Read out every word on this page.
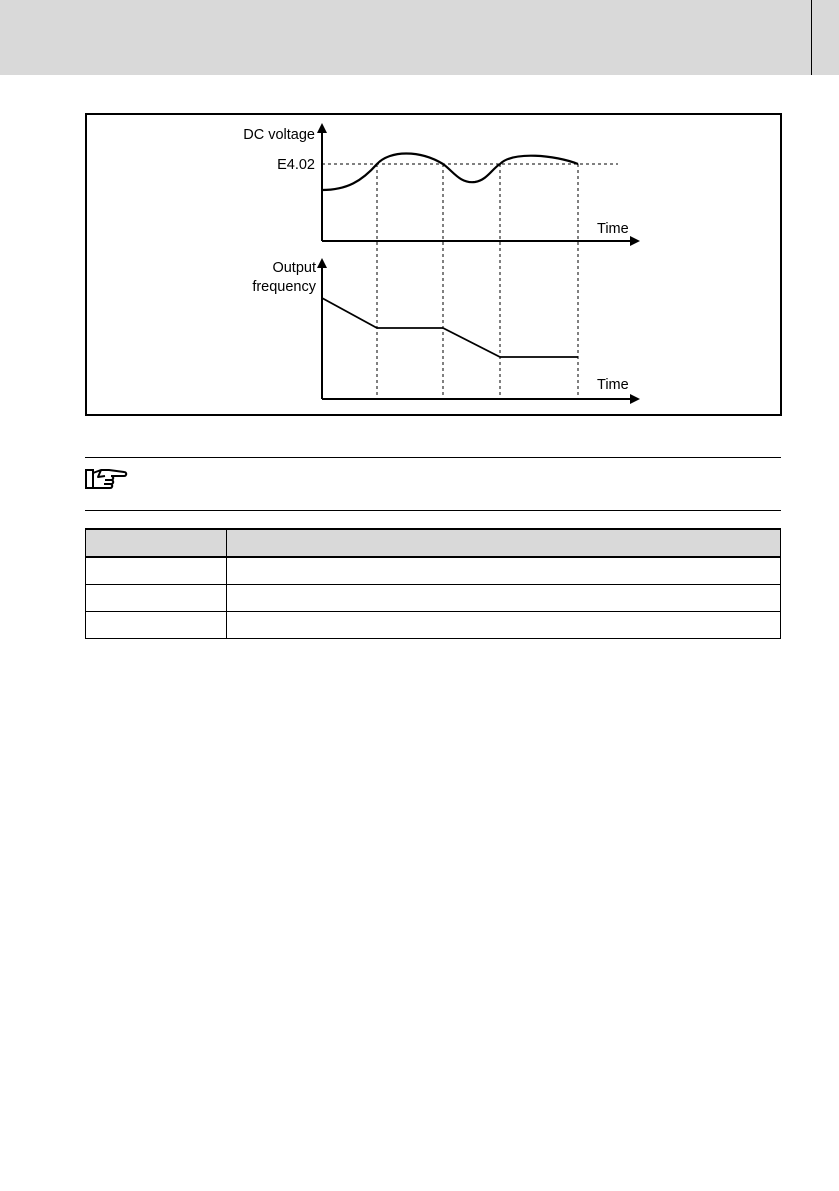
DC voltage
E4.02
Time
Output
frequency
Time
